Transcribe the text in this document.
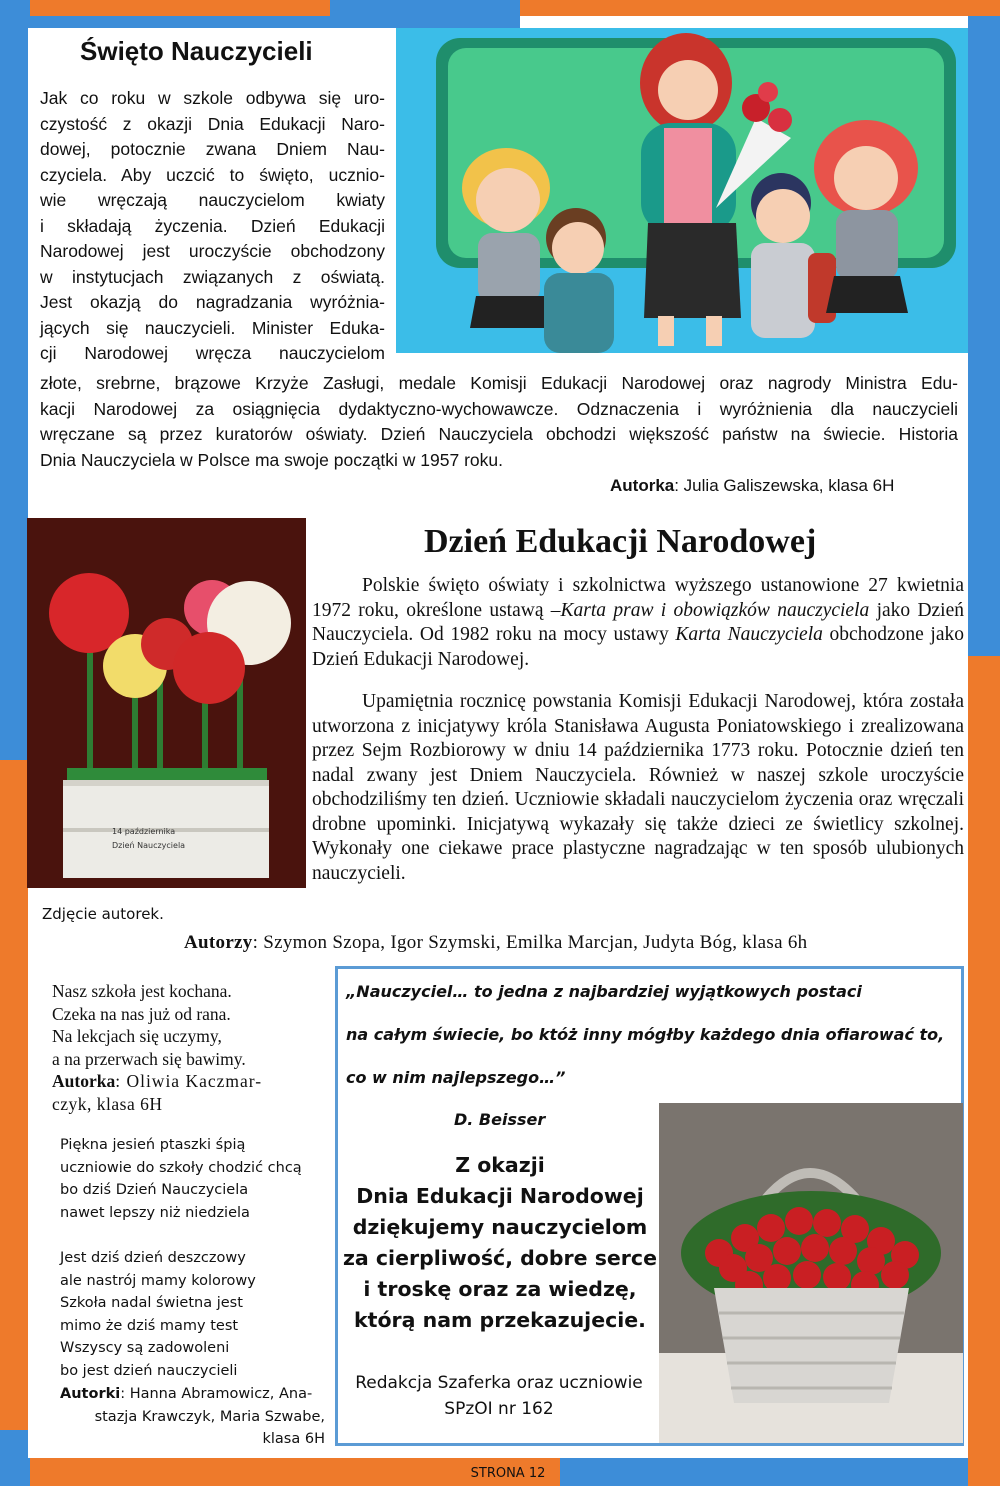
Święto Nauczycieli
Jak co roku w szkole odbywa się uro-
czystość z okazji Dnia Edukacji Naro-
dowej, potocznie zwana Dniem Nau-
czyciela. Aby uczcić to święto, ucznio-
wie wręczają nauczycielom kwiaty
i składają życzenia. Dzień Edukacji
Narodowej jest uroczyście obchodzony
w instytucjach związanych z oświatą.
Jest okazją do nagradzania wyróżnia-
jących się nauczycieli. Minister Eduka-
cji Narodowej wręcza nauczycielom
złote, srebrne, brązowe Krzyże Zasługi, medale Komisji Edukacji Narodowej oraz nagrody Ministra Edu-
kacji Narodowej za osiągnięcia dydaktyczno-wychowawcze. Odznaczenia i wyróżnienia dla nauczycieli
wręczane są przez kuratorów oświaty. Dzień Nauczyciela obchodzi większość państw na świecie. Historia
Dnia Nauczyciela w Polsce ma swoje początki w 1957 roku.
Autorka: Julia Galiszewska, klasa 6H
14 października
Dzień Nauczyciela
Zdjęcie autorek.
Dzień Edukacji Narodowej

Polskie święto oświaty i szkolnictwa wyższego ustanowione 27 kwietnia 1972 roku, określone ustawą –Karta praw i obowiązków nauczyciela jako Dzień Nauczyciela. Od 1982 roku na mocy ustawy Karta Nauczyciela obchodzone jako Dzień Edukacji Narodowej.

Upamiętnia rocznicę powstania Komisji Edukacji Narodowej, która została utworzona z inicjatywy króla Stanisława Augusta Poniatowskiego i zrealizowana przez Sejm Rozbiorowy w dniu 14 października 1773 roku. Potocznie dzień ten nadal zwany jest Dniem Nauczyciela. Również w naszej szkole uroczyście obchodziliśmy ten dzień. Uczniowie składali nauczycielom życzenia oraz wręczali drobne upominki. Inicjatywą wykazały się także dzieci ze świetlicy szkolnej. Wykonały one ciekawe prace plastyczne nagradzając w ten sposób ulubionych nauczycieli.

Autorzy: Szymon Szopa, Igor Szymski, Emilka Marcjan, Judyta Bóg, klasa 6h
Nasz szkoła jest kochana.
Czeka na nas już od rana.
Na lekcjach się uczymy,
a na przerwach się bawimy.
Autorka: Oliwia Kaczmar-
czyk, klasa 6H
Piękna jesień ptaszki śpią
uczniowie do szkoły chodzić chcą
bo dziś Dzień Nauczyciela
nawet lepszy niż niedziela
Jest dziś dzień deszczowy
ale nastrój mamy kolorowy
Szkoła nadal świetna jest
mimo że dziś mamy test
Wszyscy są zadowoleni
bo jest dzień nauczycieli
Autorki: Hanna Abramowicz, Ana-
stazja Krawczyk, Maria Szwabe,
klasa 6H
„Nauczyciel… to jedna z najbardziej wyjątkowych postaci
na całym świecie, bo któż inny mógłby każdego dnia ofiarować to,
co w nim najlepszego…”
D. Beisser
Z okazji
Dnia Edukacji Narodowej
dziękujemy nauczycielom
za cierpliwość, dobre serce
i troskę oraz za wiedzę,
którą nam przekazujecie.
Redakcja Szaferka oraz uczniowie
SPzOI nr 162
STRONA 12
